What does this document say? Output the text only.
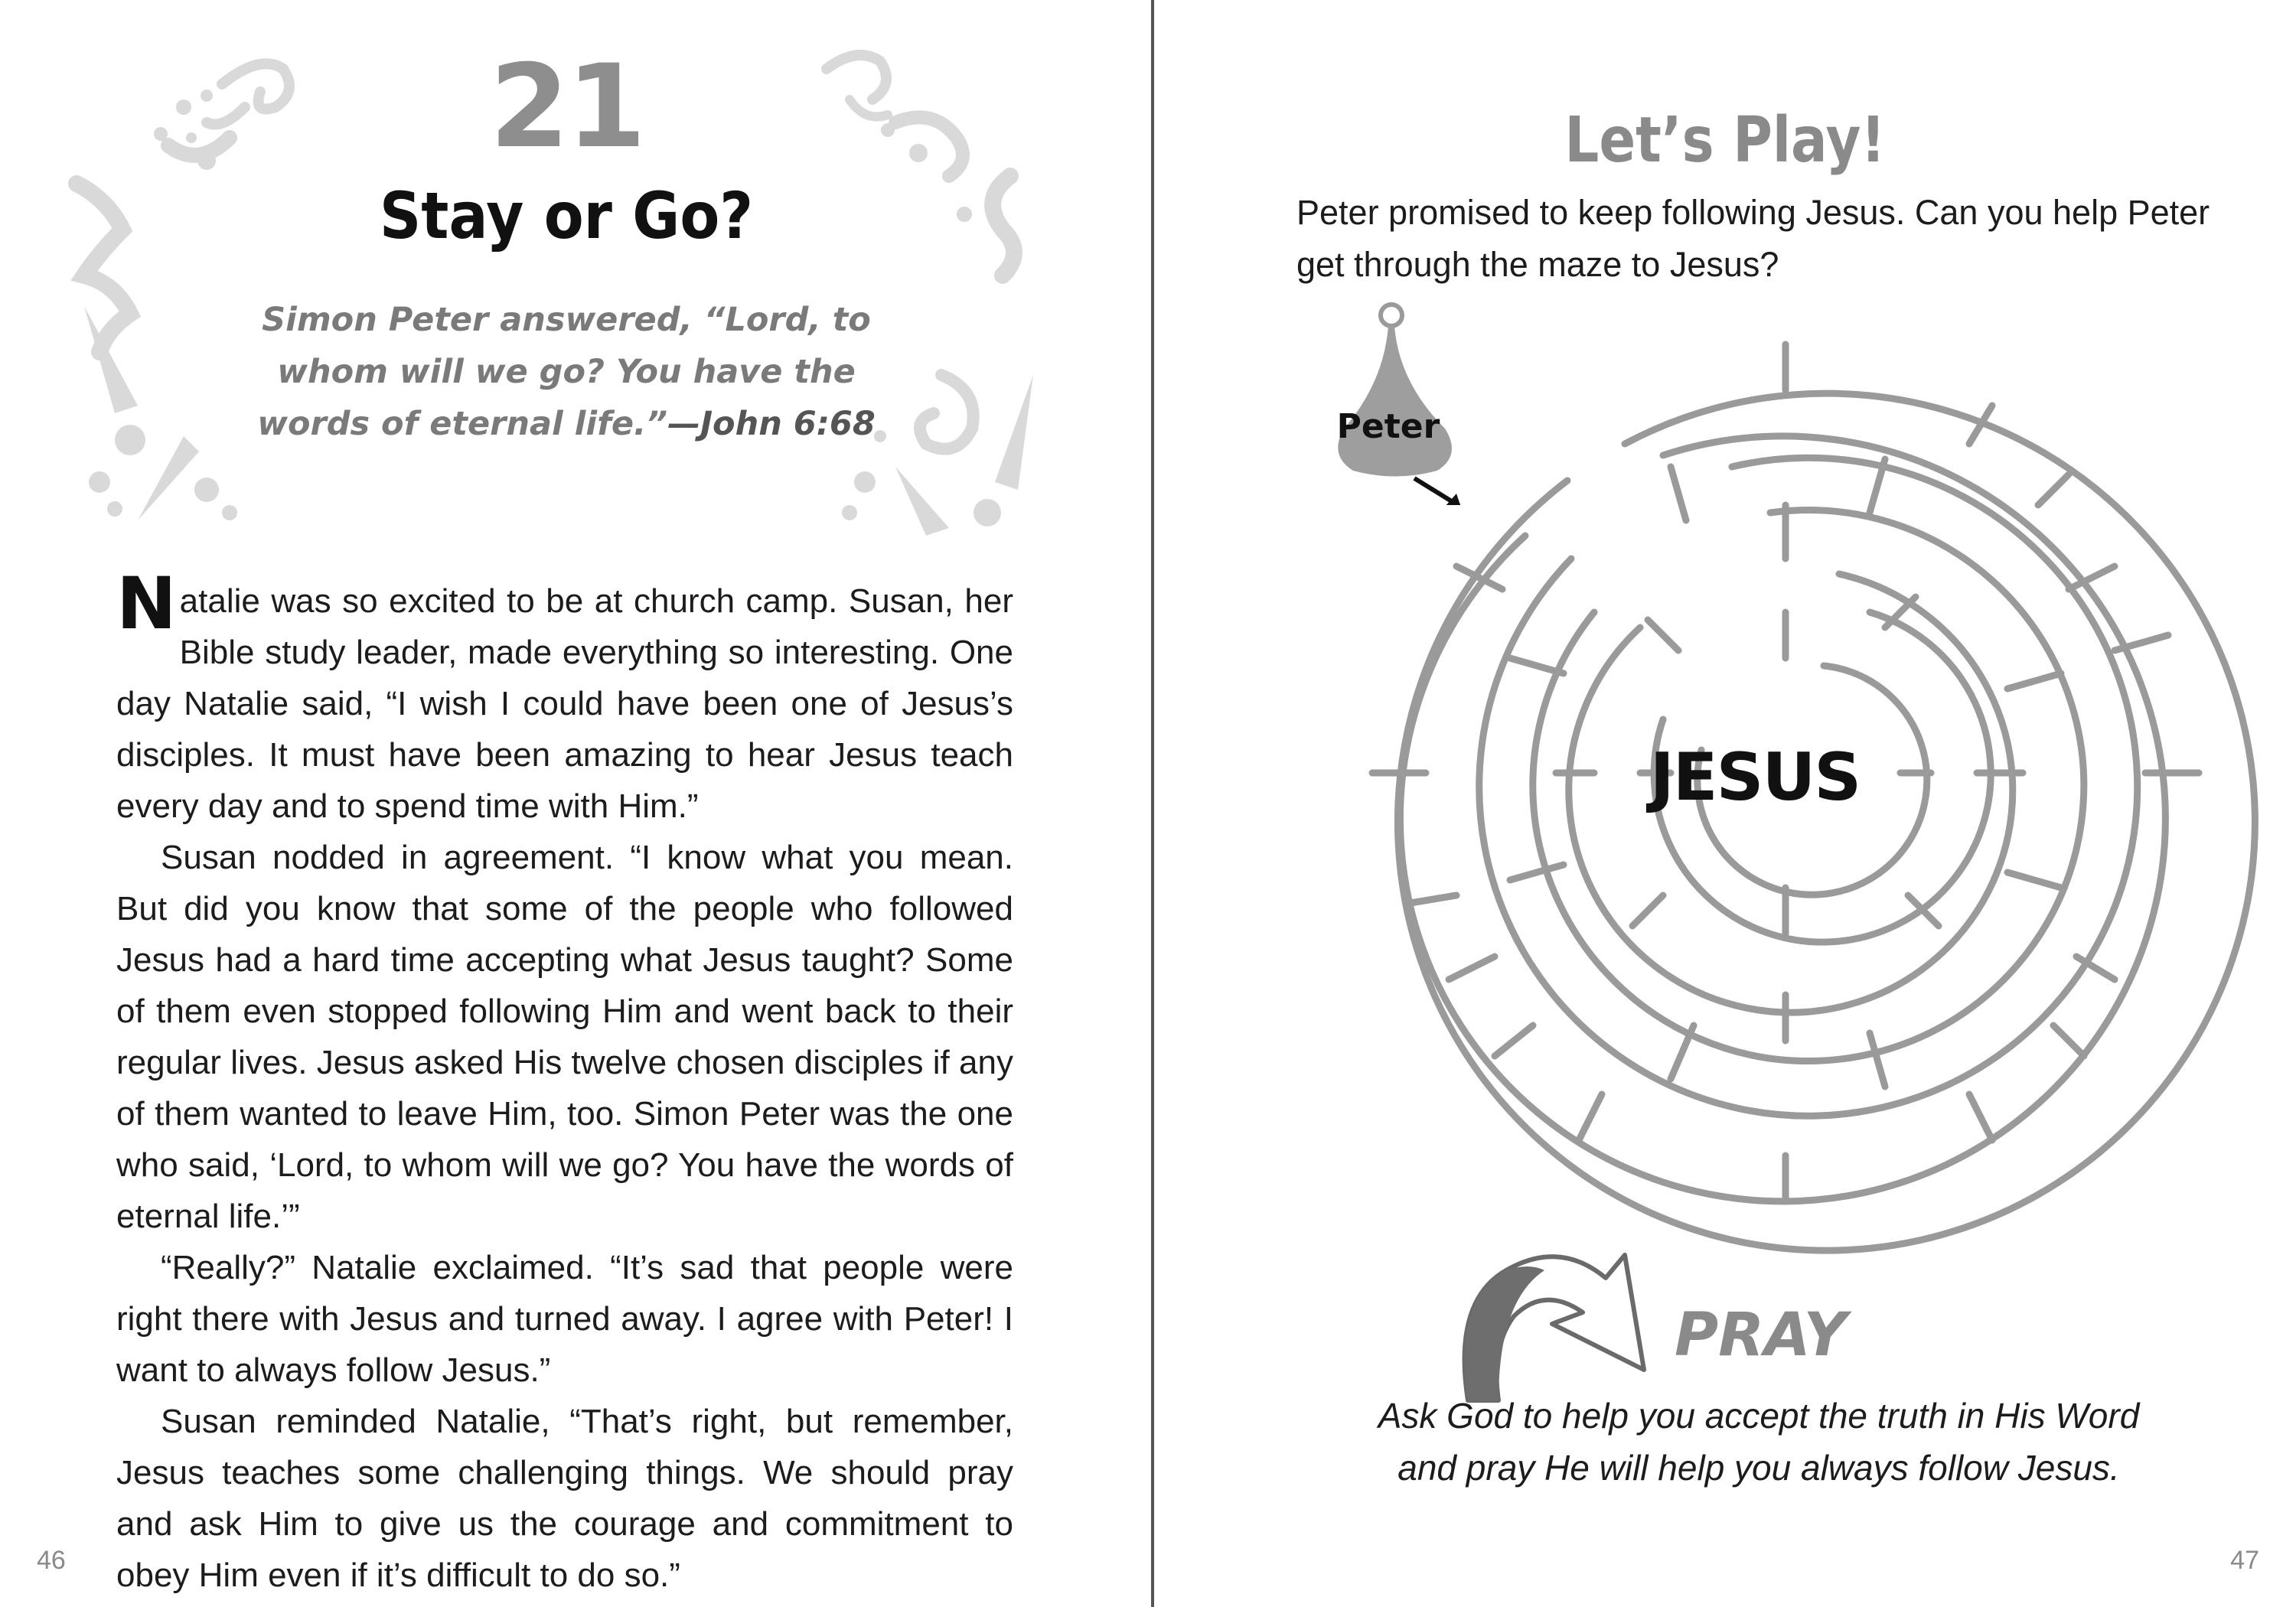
21
Stay or Go?
Simon Peter answered, “Lord, to
whom will we go? You have the
words of eternal life.”—John 6:68

Natalie was so excited to be at church camp. Susan, her Bible study leader, made everything so interesting. One day Natalie said, “I wish I could have been one of Jesus’s disciples. It must have been amazing to hear Jesus teach every day and to spend time with Him.”

Susan nodded in agreement. “I know what you mean. But did you know that some of the people who followed Jesus had a hard time accepting what Jesus taught? Some of them even stopped following Him and went back to their regular lives. Jesus asked His twelve chosen disciples if any of them wanted to leave Him, too. Simon Peter was the one who said, ‘Lord, to whom will we go? You have the words of eternal life.’”

“Really?” Natalie exclaimed. “It’s sad that people were right there with Jesus and turned away. I agree with Peter! I want to always follow Jesus.”

Susan reminded Natalie, “That’s right, but remember, Jesus teaches some challenging things. We should pray and ask Him to give us the courage and commitment to obey Him even if it’s difficult to do so.”

46
Let’s Play!
Peter promised to keep following Jesus. Can you help Peter get through the maze to Jesus?
Peter
JESUS
PRAY
Ask God to help you accept the truth in His Word
and pray He will help you always follow Jesus.
47
